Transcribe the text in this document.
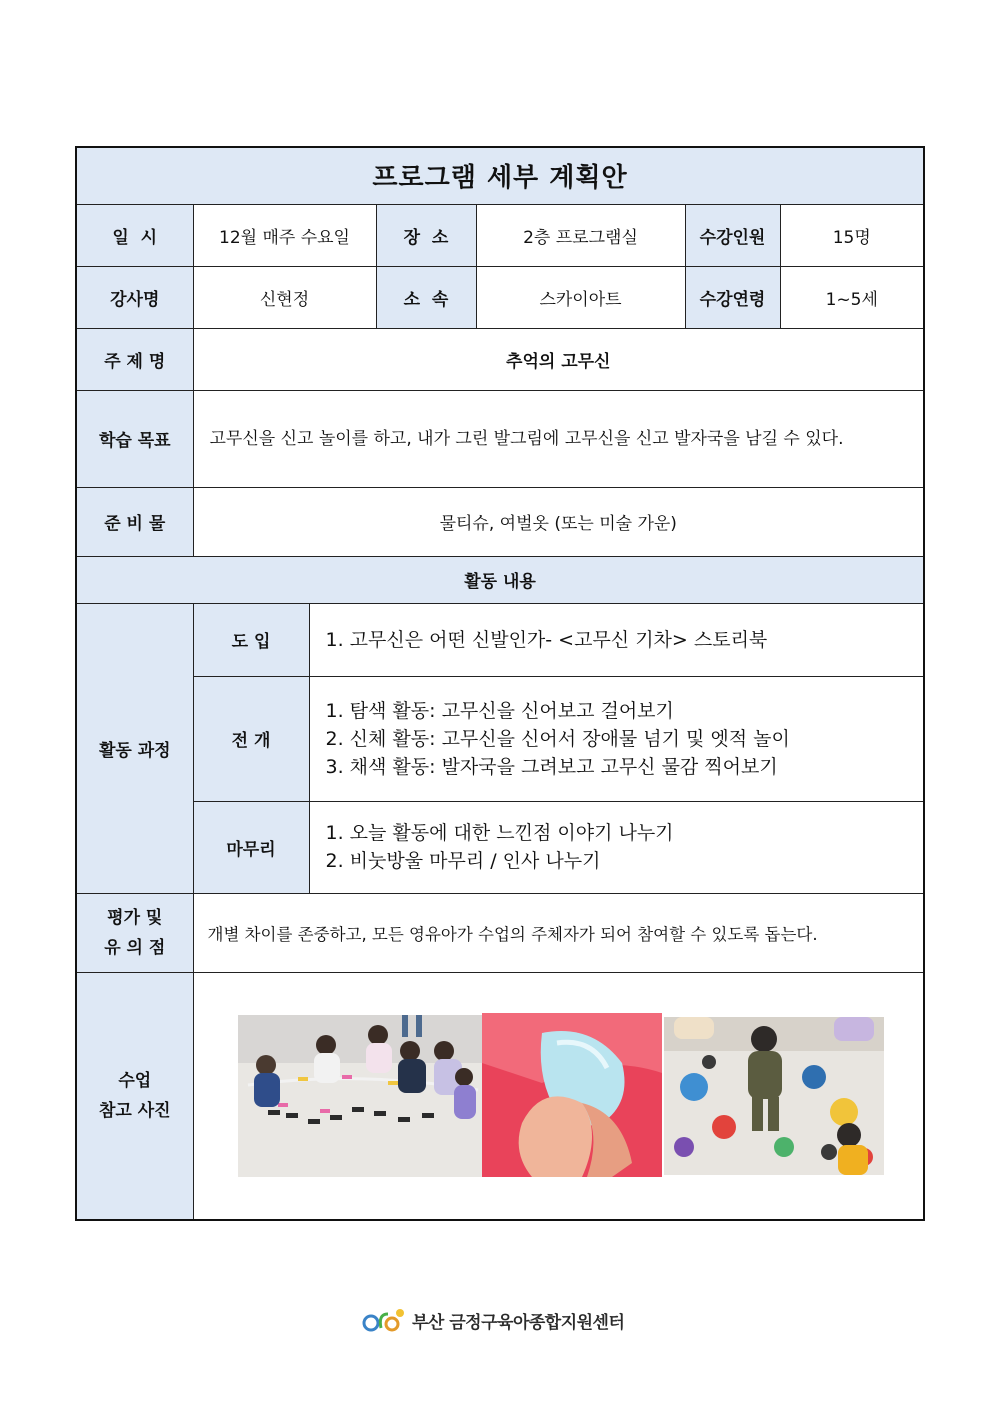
프로그램 세부 계획안						
일  시	12월 매주 수요일		장  소	2층 프로그램실	수강인원	15명
강사명	신현정		소  속	스카이아트	수강연령	1~5세
주 제 명	추억의 고무신					
학습 목표	고무신을 신고 놀이를 하고, 내가 그린 발그림에 고무신을 신고 발자국을 남길 수 있다.					
준 비 물	물티슈, 여벌옷 (또는 미술 가운)					
활동 내용						
활동 과정	도 입	1. 고무신은 어떤 신발인가- <고무신 기차> 스토리북				

	전 개	1. 탐색 활동: 고무신을 신어보고 걸어보기
2. 신체 활동: 고무신을 신어서 장애물 넘기 및 엣적 놀이
3. 채색 활동: 발자국을 그려보고 고무신 물감 찍어보기				

	마무리	1. 오늘 활동에 대한 느낀점 이야기 나누기
2. 비눗방울 마무리 / 인사 나누기				

평가 및
유 의 점	개별 차이를 존중하고, 모든 영유아가 수업의 주체자가 되어 참여할 수 있도록 돕는다.					

수업
참고 사진

부산 금정구육아종합지원센터
